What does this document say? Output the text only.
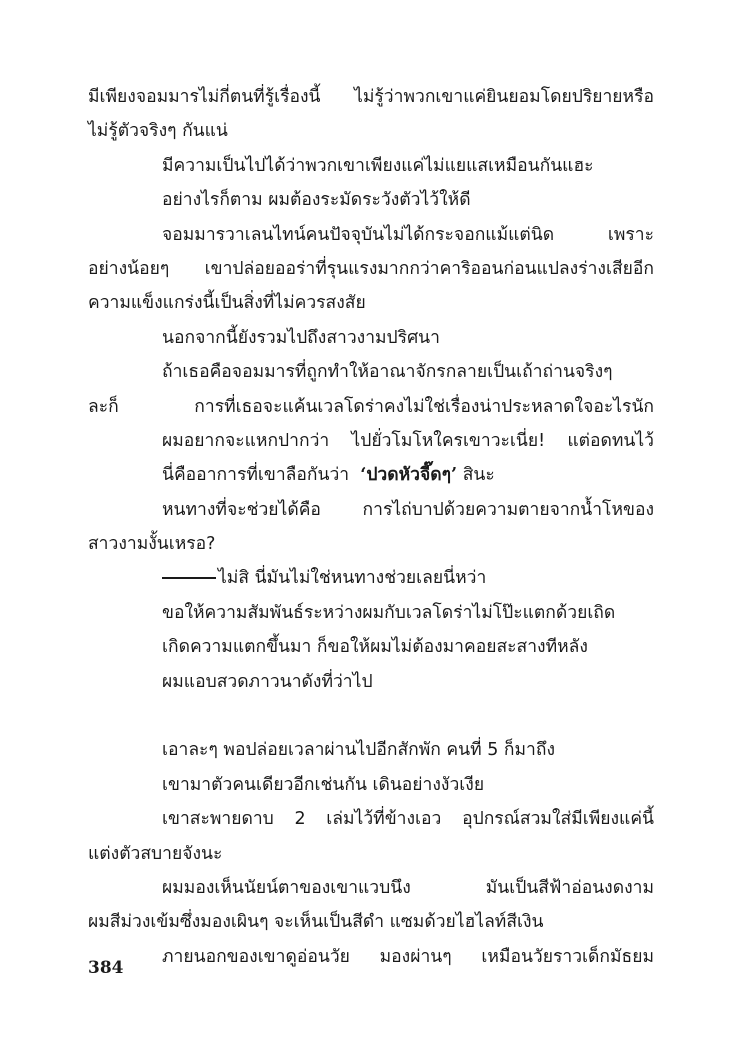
มีเพียงจอมมารไม่กี่ตนที่รู้เรื่องนี้ ไม่รู้ว่าพวกเขาแค่ยินยอมโดยปริยายหรือ
ไม่รู้ตัวจริงๆ กันแน่
มีความเป็นไปได้ว่าพวกเขาเพียงแค่ไม่แยแสเหมือนกันแฮะ
อย่างไรก็ตาม ผมต้องระมัดระวังตัวไว้ให้ดี
จอมมารวาเลนไทน์คนปัจจุบันไม่ได้กระจอกแม้แต่นิด เพราะ
อย่างน้อยๆ เขาปล่อยออร่าที่รุนแรงมากกว่าคาริออนก่อนแปลงร่างเสียอีก
ความแข็งแกร่งนี้เป็นสิ่งที่ไม่ควรสงสัย
นอกจากนี้ยังรวมไปถึงสาวงามปริศนา
ถ้าเธอคือจอมมารที่ถูกทำให้อาณาจักรกลายเป็นเถ้าถ่านจริงๆ
ละก็ การที่เธอจะแค้นเวลโดร่าคงไม่ใช่เรื่องน่าประหลาดใจอะไรนัก
ผมอยากจะแหกปากว่า ไปยั่วโมโหใครเขาวะเนี่ย! แต่อดทนไว้
นี่คืออาการที่เขาลือกันว่า ‘ปวดหัวจี๊ดๆ’ สินะ
หนทางที่จะช่วยได้คือ การไถ่บาปด้วยความตายจากน้ำโหของ
สาวงามงั้นเหรอ?
ไม่สิ นี่มันไม่ใช่หนทางช่วยเลยนี่หว่า
ขอให้ความสัมพันธ์ระหว่างผมกับเวลโดร่าไม่โป๊ะแตกด้วยเถิด
เกิดความแตกขึ้นมา ก็ขอให้ผมไม่ต้องมาคอยสะสางทีหลัง
ผมแอบสวดภาวนาดังที่ว่าไป
เอาละๆ พอปล่อยเวลาผ่านไปอีกสักพัก คนที่ 5 ก็มาถึง
เขามาตัวคนเดียวอีกเช่นกัน เดินอย่างงัวเงีย
เขาสะพายดาบ 2 เล่มไว้ที่ข้างเอว อุปกรณ์สวมใส่มีเพียงแค่นี้
แต่งตัวสบายจังนะ
ผมมองเห็นนัยน์ตาของเขาแวบนึง มันเป็นสีฟ้าอ่อนงดงาม
ผมสีม่วงเข้มซึ่งมองเผินๆ จะเห็นเป็นสีดำ แซมด้วยไฮไลท์สีเงิน
ภายนอกของเขาดูอ่อนวัย มองผ่านๆ เหมือนวัยราวเด็กมัธยม
384
